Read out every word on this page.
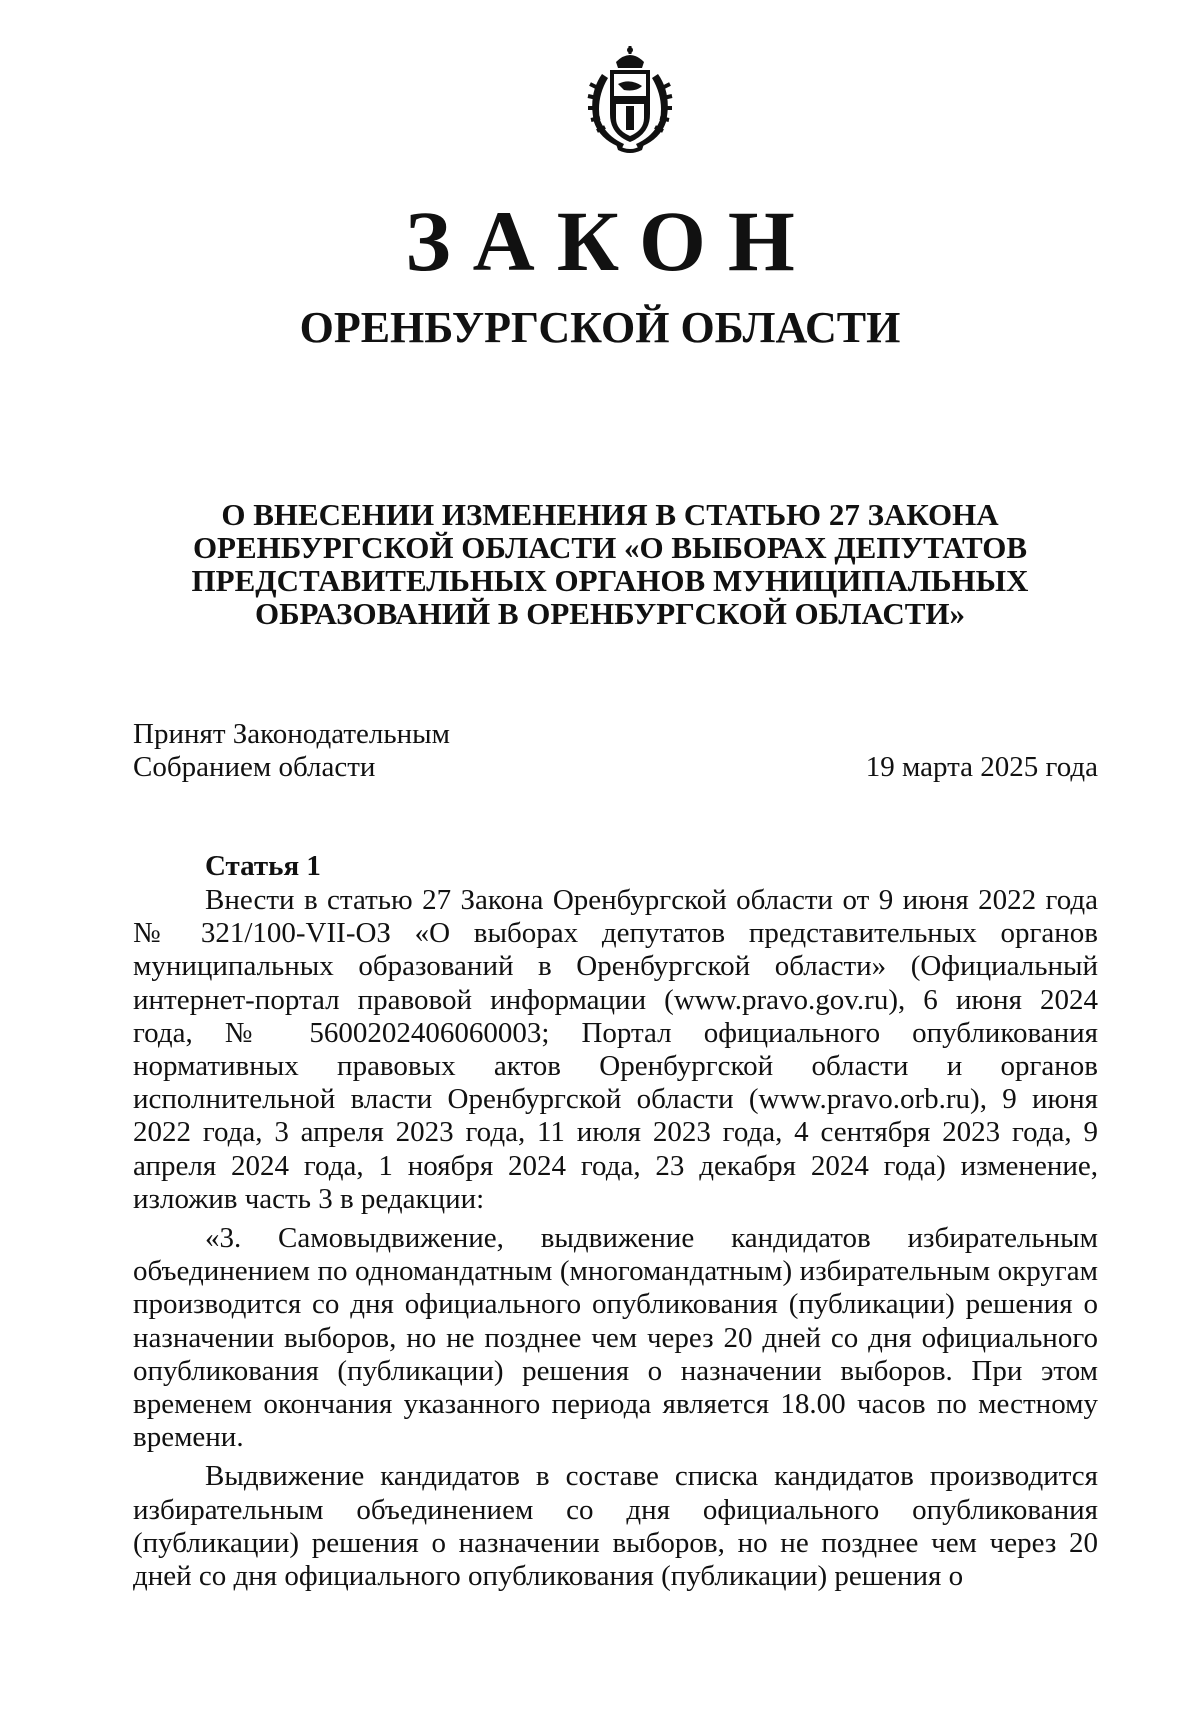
ЗАКОН
ОРЕНБУРГСКОЙ ОБЛАСТИ
О ВНЕСЕНИИ ИЗМЕНЕНИЯ В СТАТЬЮ 27 ЗАКОНА
ОРЕНБУРГСКОЙ ОБЛАСТИ «О ВЫБОРАХ ДЕПУТАТОВ
ПРЕДСТАВИТЕЛЬНЫХ ОРГАНОВ МУНИЦИПАЛЬНЫХ
ОБРАЗОВАНИЙ В ОРЕНБУРГСКОЙ ОБЛАСТИ»
Принят Законодательным
Собранием области	19 марта 2025 года
Статья 1

Внести в статью 27 Закона Оренбургской области от 9 июня 2022 года № 321/100-VII-ОЗ «О выборах депутатов представительных органов муниципальных образований в Оренбургской области» (Официальный интернет-портал правовой информации (www.pravo.gov.ru), 6 июня 2024 года, № 5600202406060003; Портал официального опубликования нормативных правовых актов Оренбургской области и органов исполнительной власти Оренбургской области (www.pravo.orb.ru), 9 июня 2022 года, 3 апреля 2023 года, 11 июля 2023 года, 4 сентября 2023 года, 9 апреля 2024 года, 1 ноября 2024 года, 23 декабря 2024 года) изменение, изложив часть 3 в редакции:

«3. Самовыдвижение, выдвижение кандидатов избирательным объединением по одномандатным (многомандатным) избирательным округам производится со дня официального опубликования (публикации) решения о назначении выборов, но не позднее чем через 20 дней со дня официального опубликования (публикации) решения о назначении выборов. При этом временем окончания указанного периода является 18.00 часов по местному времени.

Выдвижение кандидатов в составе списка кандидатов производится избирательным объединением со дня официального опубликования (публикации) решения о назначении выборов, но не позднее чем через 20 дней со дня официального опубликования (публикации) решения о
